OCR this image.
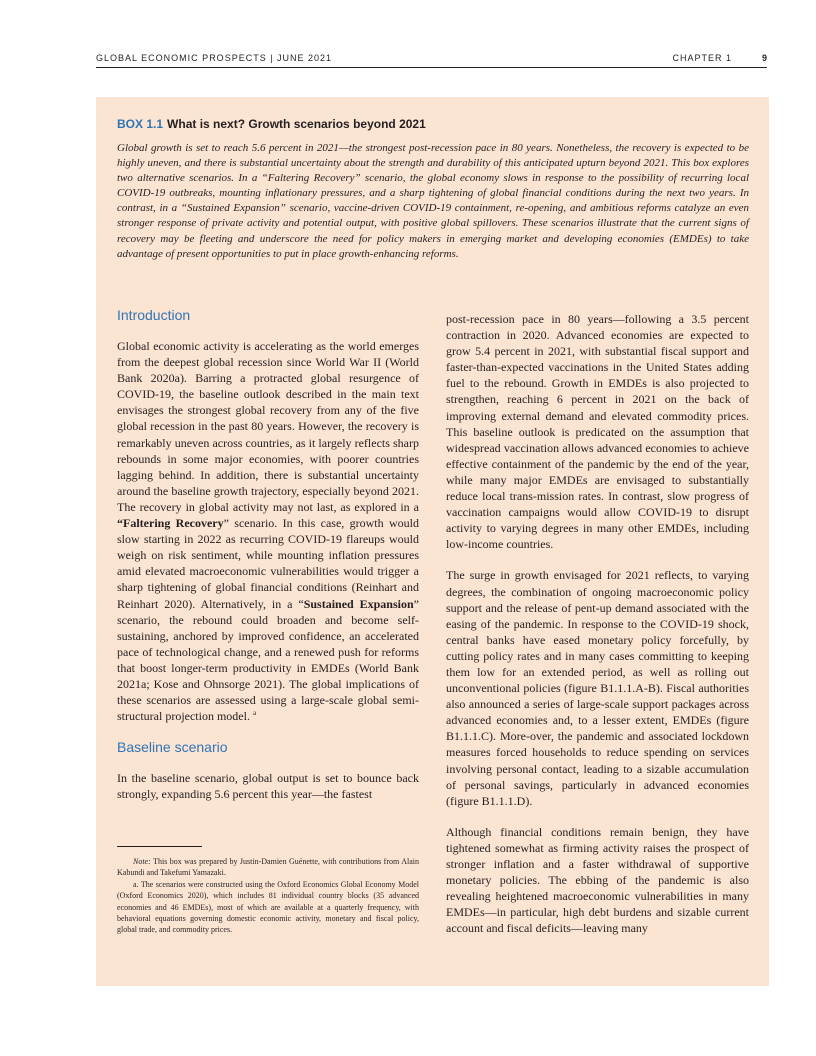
GLOBAL ECONOMIC PROSPECTS | JUNE 2021	CHAPTER 1	9
BOX 1.1 What is next? Growth scenarios beyond 2021
Global growth is set to reach 5.6 percent in 2021—the strongest post-recession pace in 80 years. Nonetheless, the recovery is expected to be highly uneven, and there is substantial uncertainty about the strength and durability of this anticipated upturn beyond 2021. This box explores two alternative scenarios. In a “Faltering Recovery” scenario, the global economy slows in response to the possibility of recurring local COVID-19 outbreaks, mounting inflationary pressures, and a sharp tightening of global financial conditions during the next two years. In contrast, in a “Sustained Expansion” scenario, vaccine-driven COVID-19 containment, re-opening, and ambitious reforms catalyze an even stronger response of private activity and potential output, with positive global spillovers. These scenarios illustrate that the current signs of recovery may be fleeting and underscore the need for policy makers in emerging market and developing economies (EMDEs) to take advantage of present opportunities to put in place growth-enhancing reforms.
Introduction

Global economic activity is accelerating as the world emerges from the deepest global recession since World War II (World Bank 2020a). Barring a protracted global resurgence of COVID-19, the baseline outlook described in the main text envisages the strongest global recovery from any of the five global recession in the past 80 years. However, the recovery is remarkably uneven across countries, as it largely reflects sharp rebounds in some major economies, with poorer countries lagging behind. In addition, there is substantial uncertainty around the baseline growth trajectory, especially beyond 2021. The recovery in global activity may not last, as explored in a “Faltering Recovery” scenario. In this case, growth would slow starting in 2022 as recurring COVID-19 flareups would weigh on risk sentiment, while mounting inflation pressures amid elevated macroeconomic vulnerabilities would trigger a sharp tightening of global financial conditions (Reinhart and Reinhart 2020). Alternatively, in a “Sustained Expansion” scenario, the rebound could broaden and become self-sustaining, anchored by improved confidence, an accelerated pace of technological change, and a renewed push for reforms that boost longer-term productivity in EMDEs (World Bank 2021a; Kose and Ohnsorge 2021). The global implications of these scenarios are assessed using a large-scale global semi-structural projection model. $^a$

Baseline scenario

In the baseline scenario, global output is set to bounce back strongly, expanding 5.6 percent this year—the fastest

post-recession pace in 80 years—following a 3.5 percent contraction in 2020. Advanced economies are expected to grow 5.4 percent in 2021, with substantial fiscal support and faster-than-expected vaccinations in the United States adding fuel to the rebound. Growth in EMDEs is also projected to strengthen, reaching 6 percent in 2021 on the back of improving external demand and elevated commodity prices. This baseline outlook is predicated on the assumption that widespread vaccination allows advanced economies to achieve effective containment of the pandemic by the end of the year, while many major EMDEs are envisaged to substantially reduce local trans-mission rates. In contrast, slow progress of vaccination campaigns would allow COVID-19 to disrupt activity to varying degrees in many other EMDEs, including low-income countries.

The surge in growth envisaged for 2021 reflects, to varying degrees, the combination of ongoing macroeconomic policy support and the release of pent-up demand associated with the easing of the pandemic. In response to the COVID-19 shock, central banks have eased monetary policy forcefully, by cutting policy rates and in many cases committing to keeping them low for an extended period, as well as rolling out unconventional policies (figure B1.1.1.A-B). Fiscal authorities also announced a series of large-scale support packages across advanced economies and, to a lesser extent, EMDEs (figure B1.1.1.C). More-over, the pandemic and associated lockdown measures forced households to reduce spending on services involving personal contact, leading to a sizable accumulation of personal savings, particularly in advanced economies (figure B1.1.1.D).

Although financial conditions remain benign, they have tightened somewhat as firming activity raises the prospect of stronger inflation and a faster withdrawal of supportive monetary policies. The ebbing of the pandemic is also revealing heightened macroeconomic vulnerabilities in many EMDEs—in particular, high debt burdens and sizable current account and fiscal deficits—leaving many

Note: This box was prepared by Justin-Damien Guénette, with contributions from Alain Kabundi and Takefumi Yamazaki.

a. The scenarios were constructed using the Oxford Economics Global Economy Model (Oxford Economics 2020), which includes 81 individual country blocks (35 advanced economies and 46 EMDEs), most of which are available at a quarterly frequency, with behavioral equations governing domestic economic activity, monetary and fiscal policy, global trade, and commodity prices.
